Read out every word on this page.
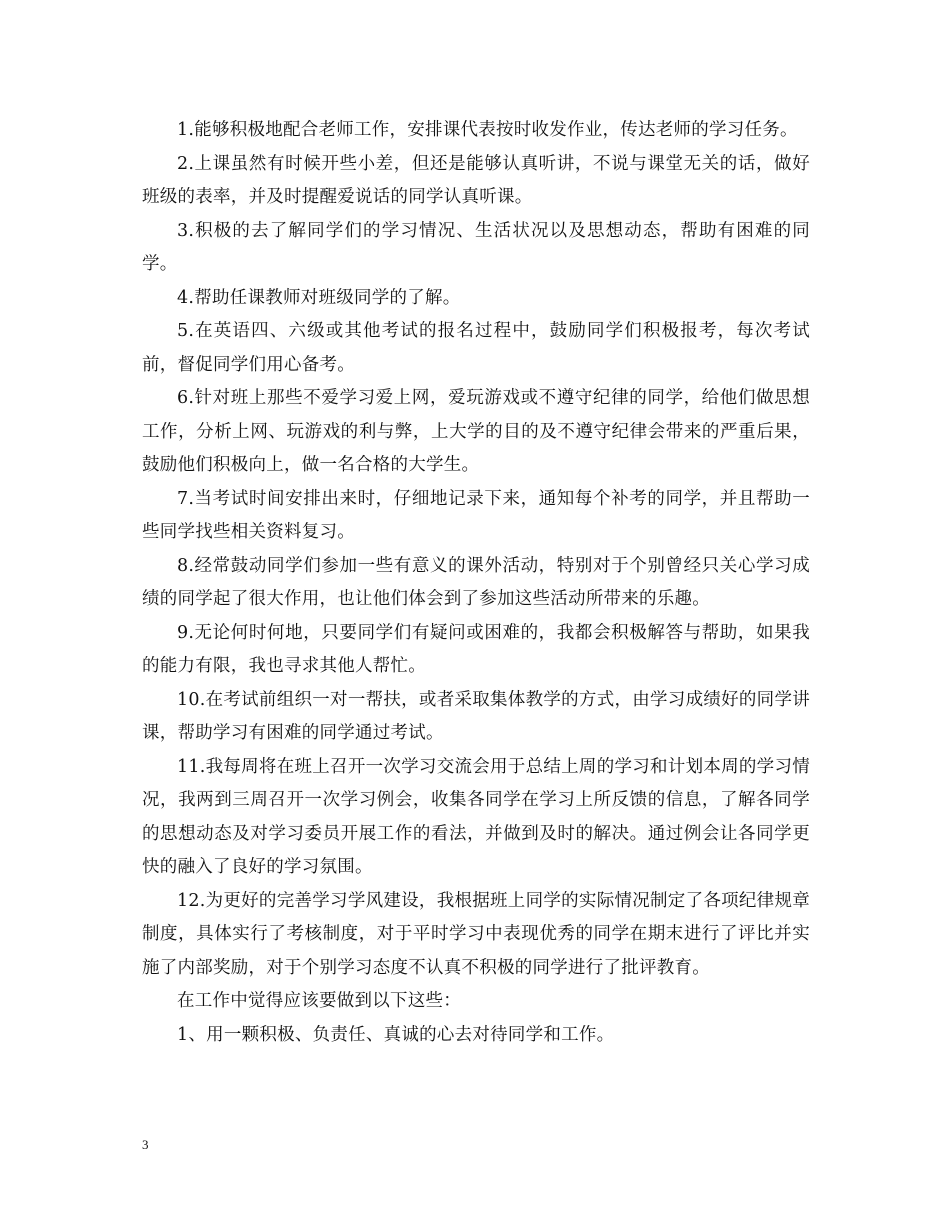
1.能够积极地配合老师工作，安排课代表按时收发作业，传达老师的学习任务。

2.上课虽然有时候开些小差，但还是能够认真听讲，不说与课堂无关的话，做好班级的表率，并及时提醒爱说话的同学认真听课。

3.积极的去了解同学们的学习情况、生活状况以及思想动态，帮助有困难的同学。

4.帮助任课教师对班级同学的了解。

5.在英语四、六级或其他考试的报名过程中，鼓励同学们积极报考，每次考试前，督促同学们用心备考。

6.针对班上那些不爱学习爱上网，爱玩游戏或不遵守纪律的同学，给他们做思想工作，分析上网、玩游戏的利与弊，上大学的目的及不遵守纪律会带来的严重后果，鼓励他们积极向上，做一名合格的大学生。

7.当考试时间安排出来时，仔细地记录下来，通知每个补考的同学，并且帮助一些同学找些相关资料复习。

8.经常鼓动同学们参加一些有意义的课外活动，特别对于个别曾经只关心学习成绩的同学起了很大作用，也让他们体会到了参加这些活动所带来的乐趣。

9.无论何时何地，只要同学们有疑问或困难的，我都会积极解答与帮助，如果我的能力有限，我也寻求其他人帮忙。

10.在考试前组织一对一帮扶，或者采取集体教学的方式，由学习成绩好的同学讲课，帮助学习有困难的同学通过考试。

11.我每周将在班上召开一次学习交流会用于总结上周的学习和计划本周的学习情况，我两到三周召开一次学习例会，收集各同学在学习上所反馈的信息，了解各同学的思想动态及对学习委员开展工作的看法，并做到及时的解决。通过例会让各同学更快的融入了良好的学习氛围。

12.为更好的完善学习学风建设，我根据班上同学的实际情况制定了各项纪律规章制度，具体实行了考核制度，对于平时学习中表现优秀的同学在期末进行了评比并实施了内部奖励，对于个别学习态度不认真不积极的同学进行了批评教育。

在工作中觉得应该要做到以下这些：

1、用一颗积极、负责任、真诚的心去对待同学和工作。

3
